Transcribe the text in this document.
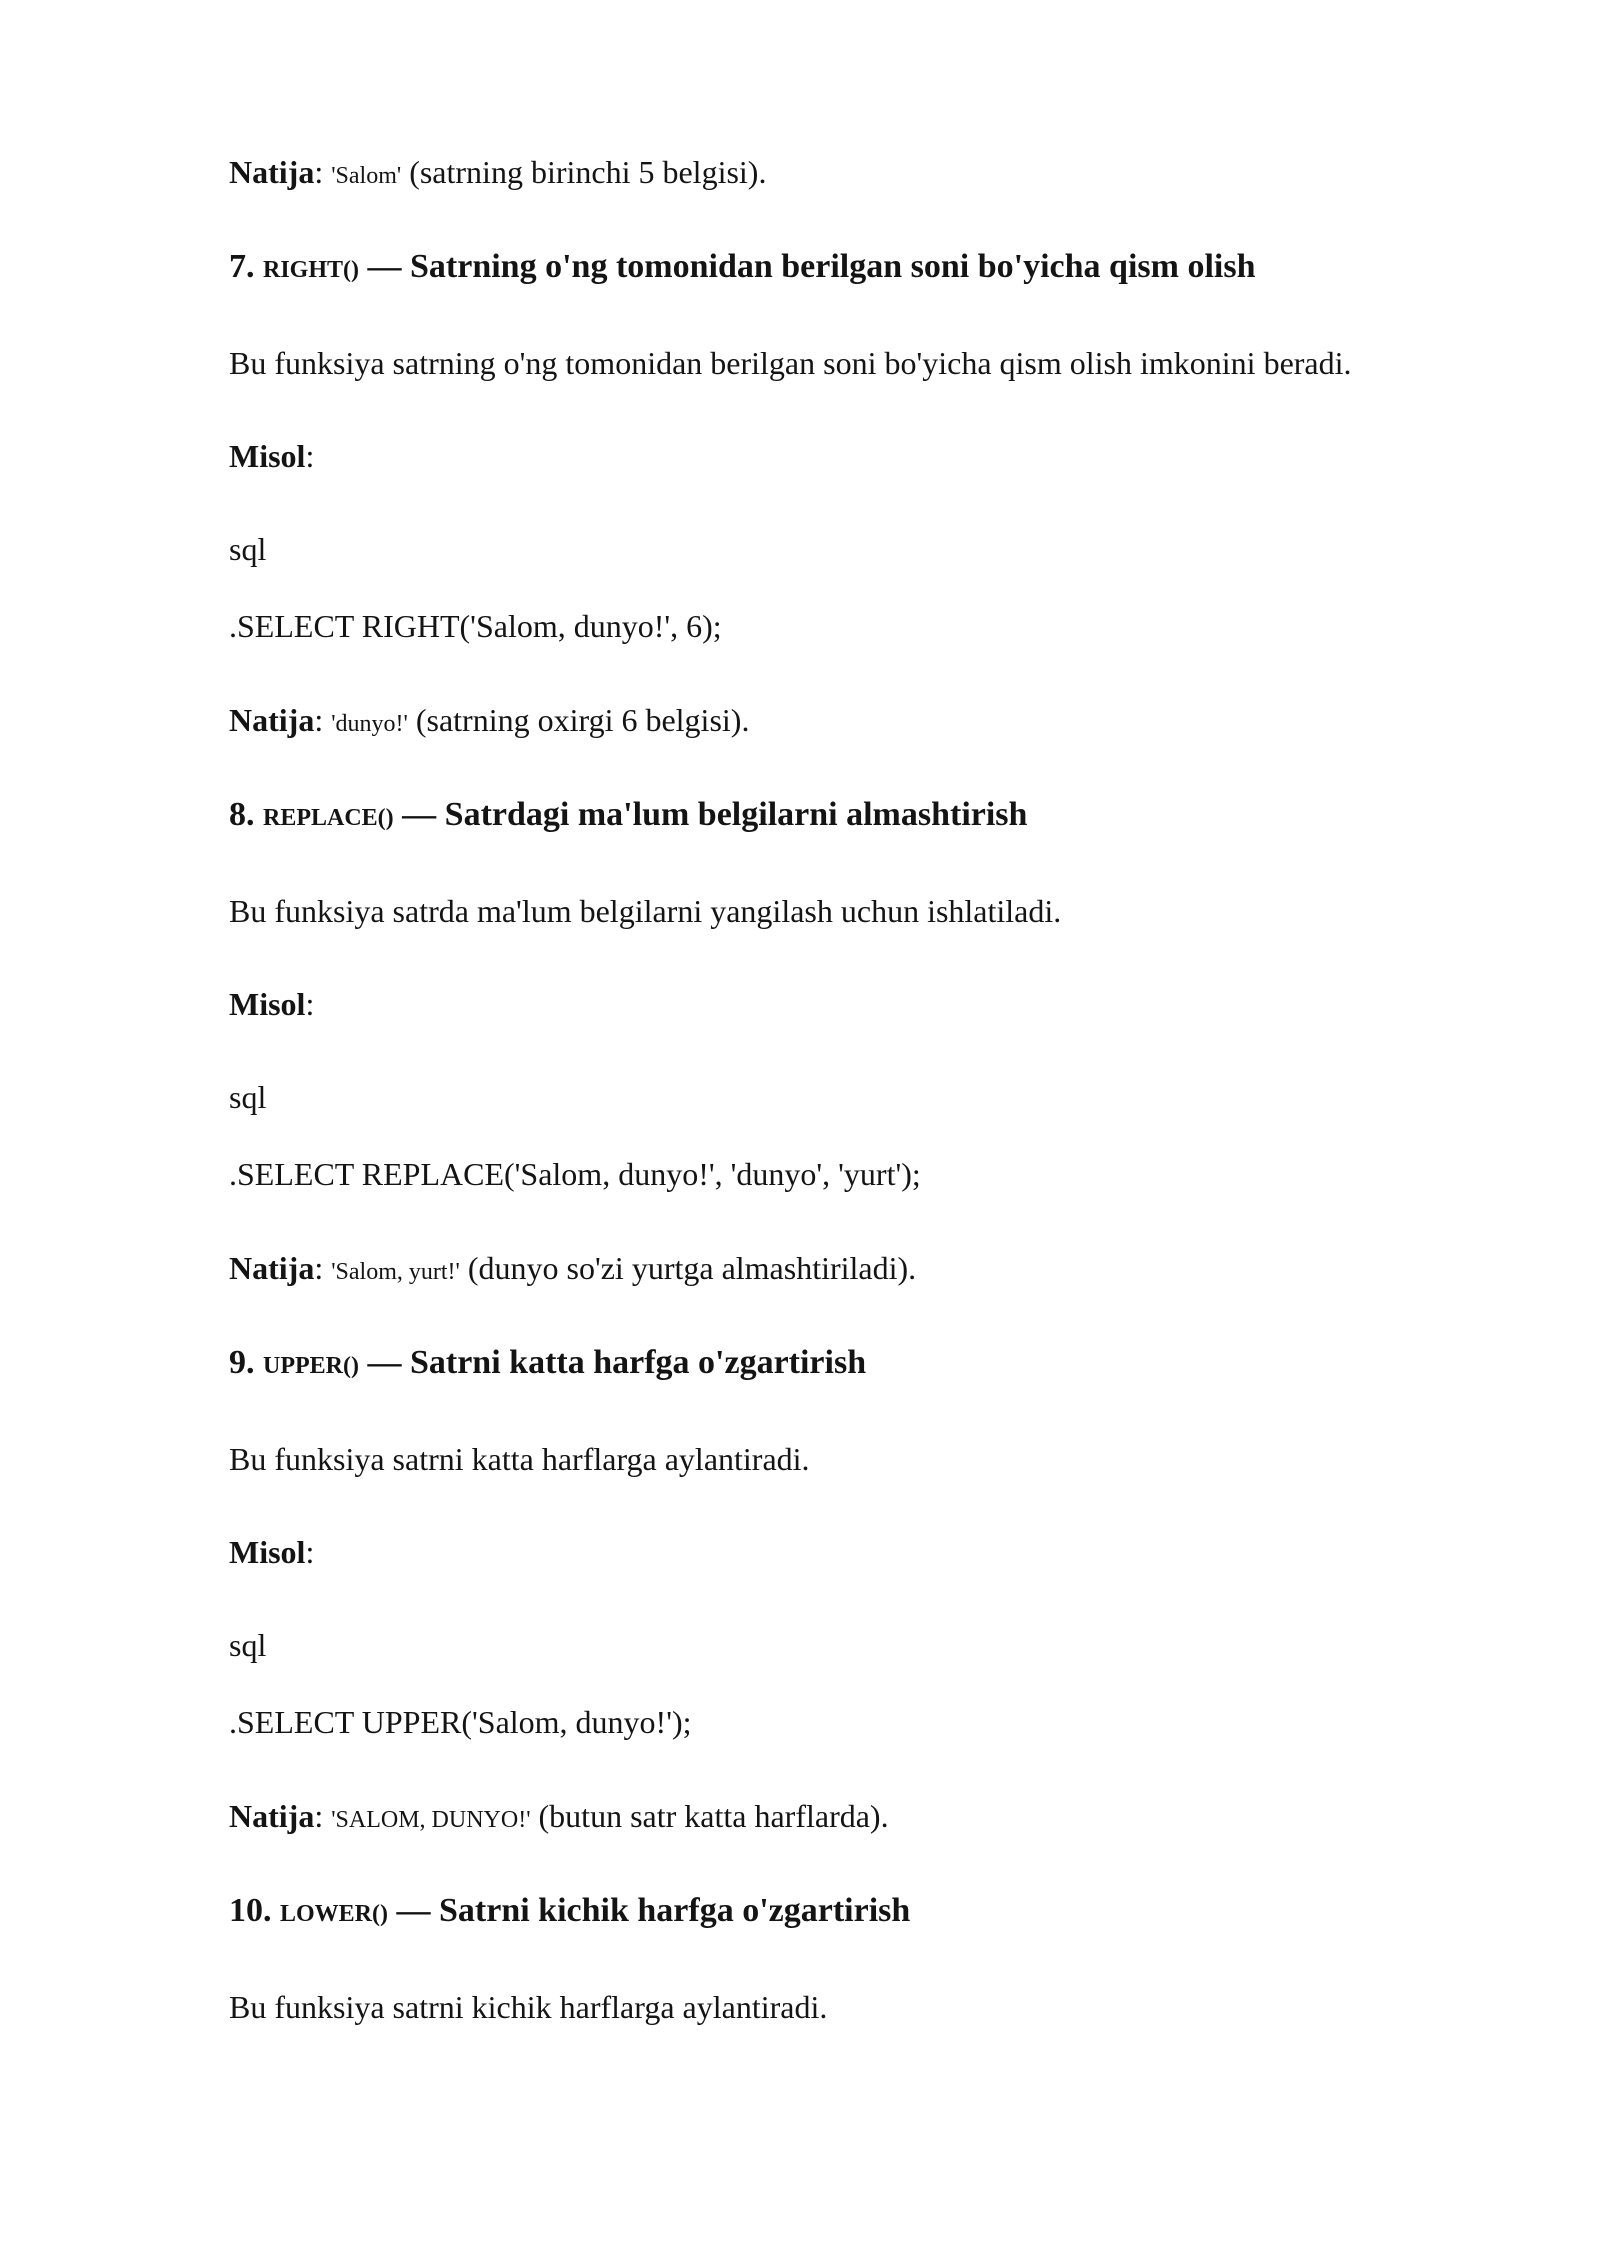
Natija: 'Salom' (satrning birinchi 5 belgisi).
7. RIGHT() — Satrning o'ng tomonidan berilgan soni bo'yicha qism olish
Bu funksiya satrning o'ng tomonidan berilgan soni bo'yicha qism olish imkonini beradi.
Misol:
sql
.SELECT RIGHT('Salom, dunyo!', 6);
Natija: 'dunyo!' (satrning oxirgi 6 belgisi).
8. REPLACE() — Satrdagi ma'lum belgilarni almashtirish
Bu funksiya satrda ma'lum belgilarni yangilash uchun ishlatiladi.
Misol:
sql
.SELECT REPLACE('Salom, dunyo!', 'dunyo', 'yurt');
Natija: 'Salom, yurt!' (dunyo so'zi yurtga almashtiriladi).
9. UPPER() — Satrni katta harfga o'zgartirish
Bu funksiya satrni katta harflarga aylantiradi.
Misol:
sql
.SELECT UPPER('Salom, dunyo!');
Natija: 'SALOM, DUNYO!' (butun satr katta harflarda).
10. LOWER() — Satrni kichik harfga o'zgartirish
Bu funksiya satrni kichik harflarga aylantiradi.
